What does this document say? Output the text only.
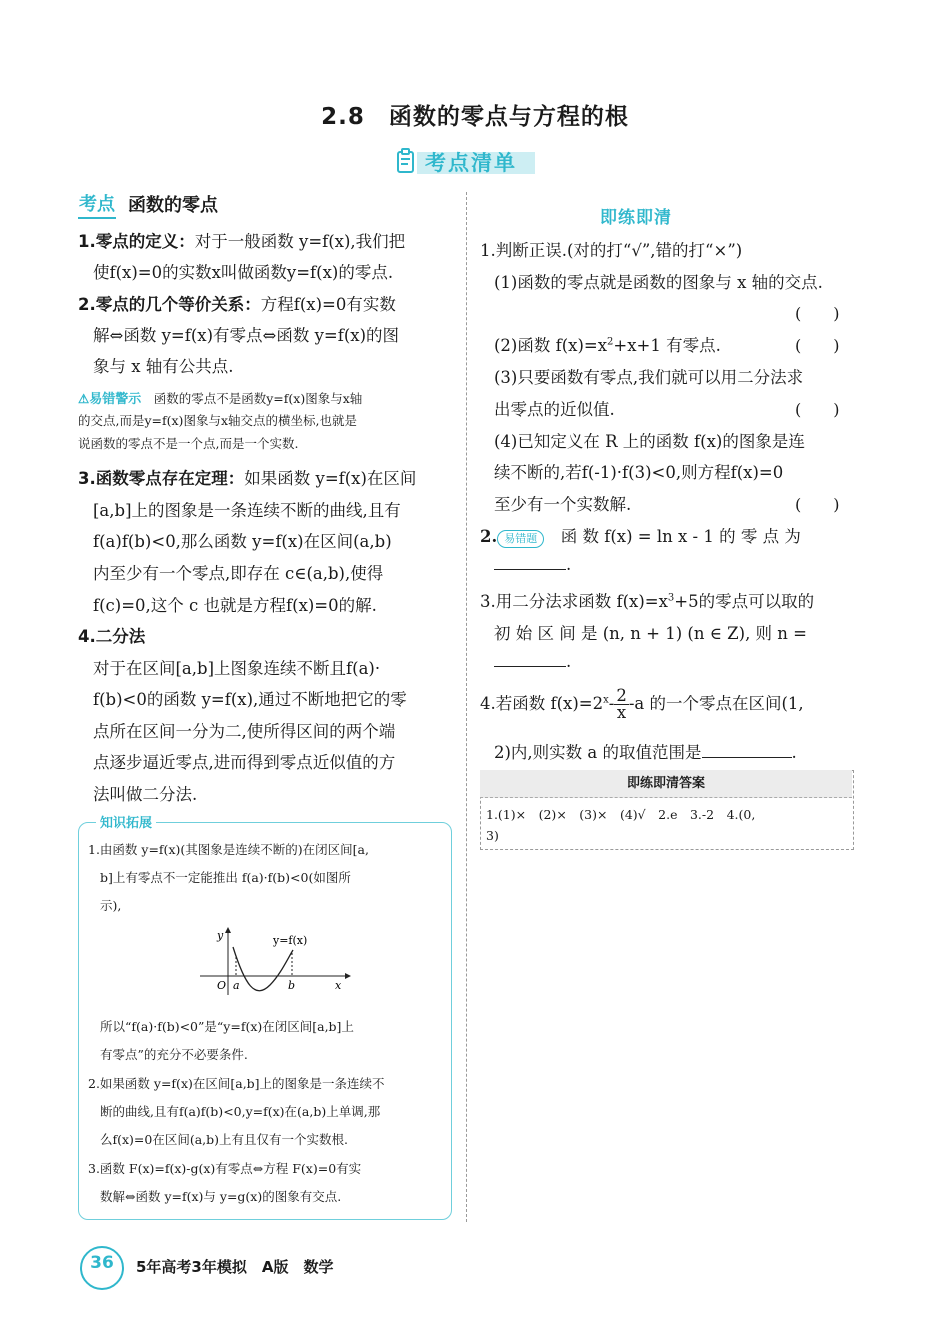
2.8　函数的零点与方程的根
考点清单
考点 函数的零点
1.零点的定义：对于一般函数 y=f(x),我们把
使f(x)=0的实数x叫做函数y=f(x)的零点.
2.零点的几个等价关系：方程f(x)=0有实数
解⇔函数 y=f(x)有零点⇔函数 y=f(x)的图
象与 x 轴有公共点.
⚠易错警示　 函数的零点不是函数y=f(x)图象与x轴
的交点,而是y=f(x)图象与x轴交点的横坐标,也就是
说函数的零点不是一个点,而是一个实数.
3.函数零点存在定理：如果函数 y=f(x)在区间
[a,b]上的图象是一条连续不断的曲线,且有
f(a)f(b)<0,那么函数 y=f(x)在区间(a,b)
内至少有一个零点,即存在 c∈(a,b),使得
f(c)=0,这个 c 也就是方程f(x)=0的解.
4.二分法
对于在区间[a,b]上图象连续不断且f(a)·
f(b)<0的函数 y=f(x),通过不断地把它的零
点所在区间一分为二,使所得区间的两个端
点逐步逼近零点,进而得到零点近似值的方
法叫做二分法.
知识拓展
1.由函数 y=f(x)(其图象是连续不断的)在闭区间[a,
b]上有零点不一定能推出 f(a)·f(b)<0(如图所
示),
y	y=f(x)
O a	b	x
所以“f(a)·f(b)<0”是“y=f(x)在闭区间[a,b]上
有零点”的充分不必要条件.
2.如果函数 y=f(x)在区间[a,b]上的图象是一条连续不
断的曲线,且有f(a)f(b)<0,y=f(x)在(a,b)上单调,那
么f(x)=0在区间(a,b)上有且仅有一个实数根.
3.函数 F(x)=f(x)-g(x)有零点⇔方程 F(x)=0有实
数解⇔函数 y=f(x)与 y=g(x)的图象有交点.
即练即清
1.判断正误.(对的打“√”,错的打“×”)
(1)函数的零点就是函数的图象与 x 轴的交点.
(　　)
(2)函数 $f(x)=x^2+x+1$ 有零点.	(　　)
(3)只要函数有零点,我们就可以用二分法求
出零点的近似值.	(　　)
(4)已知定义在 R 上的函数 f(x)的图象是连
续不断的,若f(-1)·f(3)<0,则方程f(x)=0
至少有一个实数解.	(　　)
2. 易错题　 函 数 f(x) = ln x - 1 的 零 点 为
.
3.用二分法求函数 $f(x)=x^3+5$的零点可以取的
初 始 区 间 是 (n, n + 1) (n ∈ Z), 则 n =
.
4.若函数 $f(x)=2^x- \frac{2}{x} -a$ 的一个零点在区间(1,
2)内,则实数 a 的取值范围是	.
即练即清答案
1.(1)×　(2)×　(3)×　(4)√　2.e　3.-2　4.(0,
3)
36	5年高考3年模拟　A版　数学
